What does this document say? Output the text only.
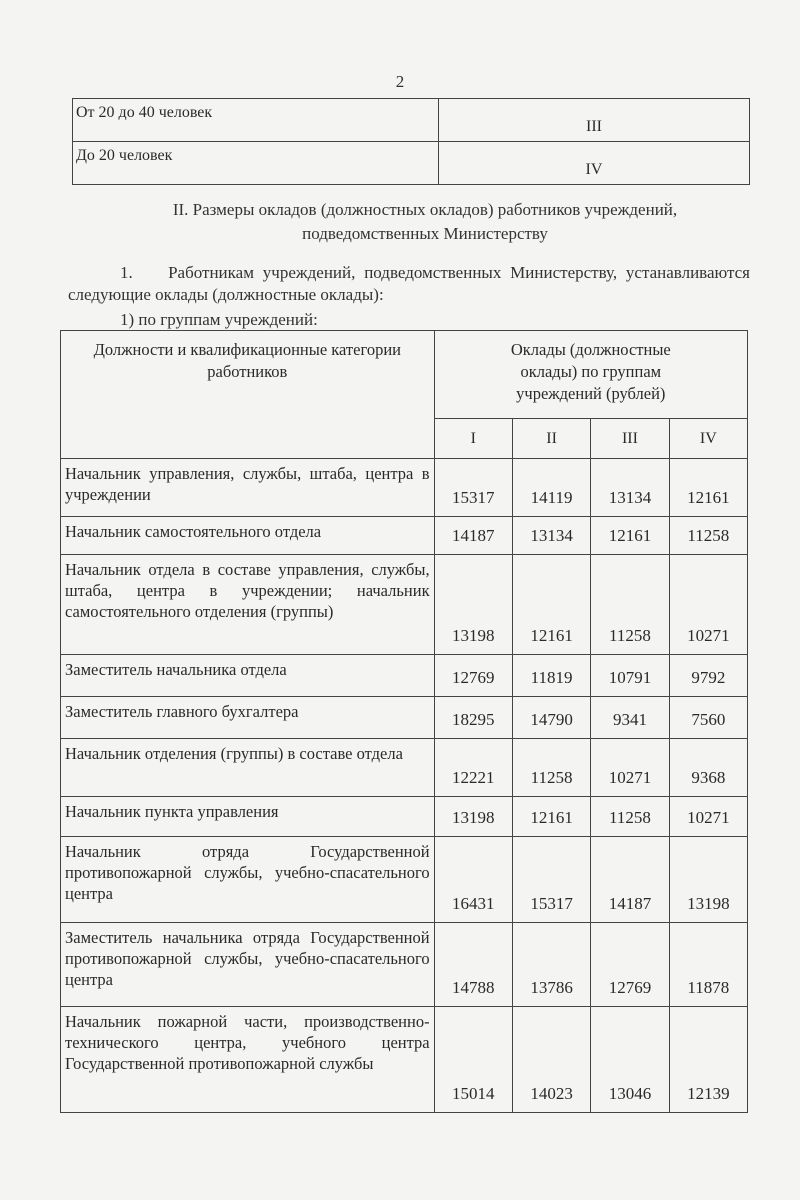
2
От 20 до 40 человек	III
До 20 человек	IV
II. Размеры окладов (должностных окладов) работников учреждений,
подведомственных Министерству
1. Работникам учреждений, подведомственных Министерству, устанавливаются следующие оклады (должностные оклады):
1) по группам учреждений:
Должности и квалификационные категории работников	Оклады (должностные оклады) по группам учреждений (рублей)			
	I	II	III	IV
Начальник управления, службы, штаба, центра в учреждении	15317	14119	13134	12161
Начальник самостоятельного отдела	14187	13134	12161	11258
Начальник отдела в составе управления, службы, штаба, центра в учреждении; начальник самостоятельного отделения (группы)	13198	12161	11258	10271
Заместитель начальника отдела	12769	11819	10791	9792
Заместитель главного бухгалтера	18295	14790	9341	7560
Начальник отделения (группы) в составе отдела	12221	11258	10271	9368
Начальник пункта управления	13198	12161	11258	10271
Начальник отряда Государственной противопожарной службы, учебно-спасательного центра	16431	15317	14187	13198
Заместитель начальника отряда Государственной противопожарной службы, учебно-спасательного центра	14788	13786	12769	11878
Начальник пожарной части, производственно-технического центра, учебного центра Государственной противопожарной службы	15014	14023	13046	12139
